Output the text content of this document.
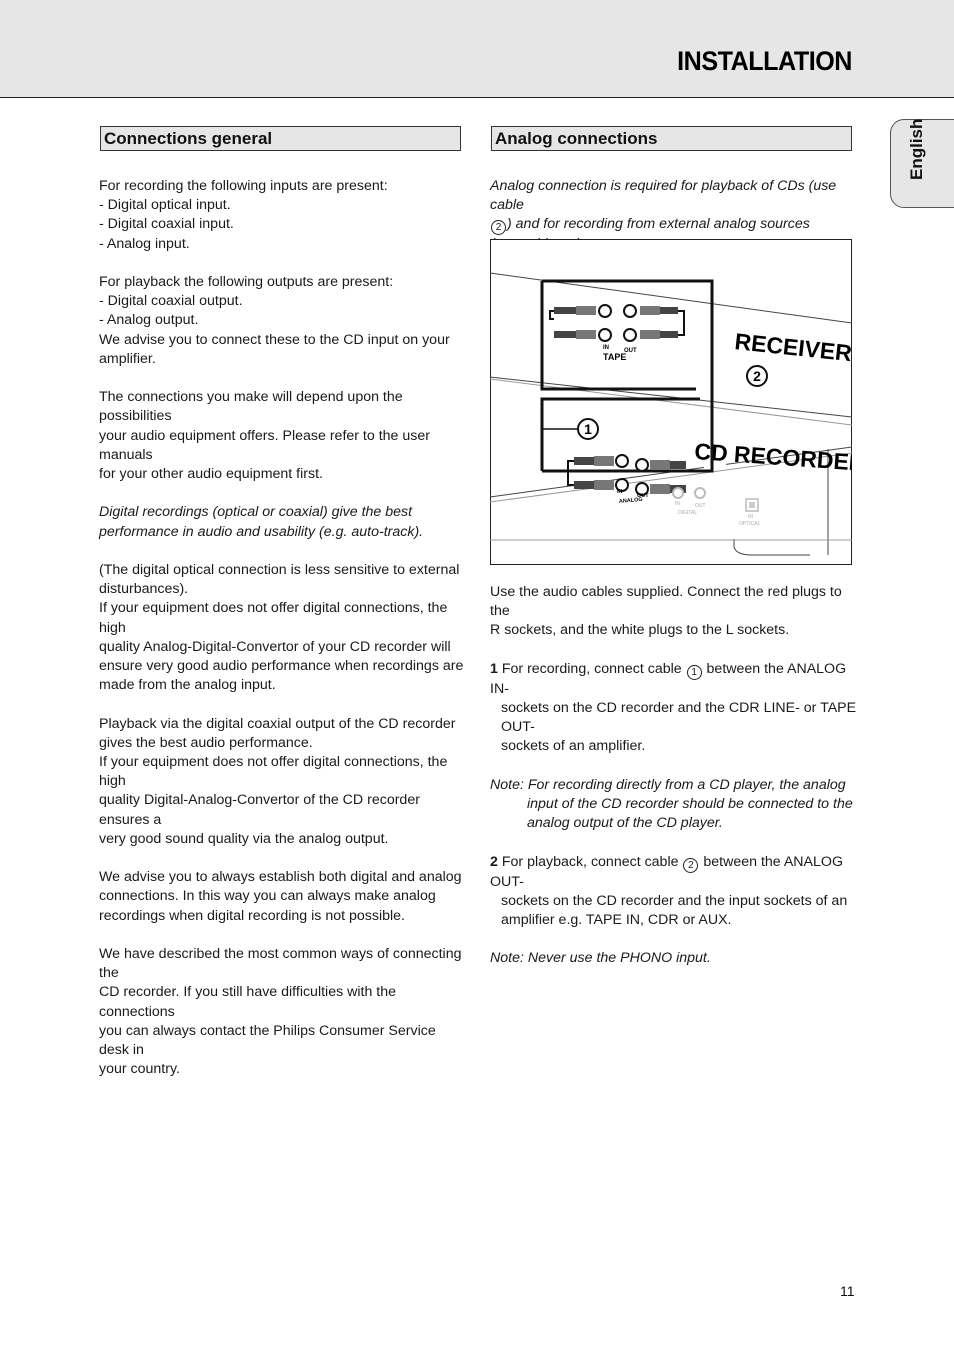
INSTALLATION
English
Connections general

For recording the following inputs are present:
- Digital optical input.
- Digital coaxial input.
- Analog input.

For playback the following outputs are present:
- Digital coaxial output.
- Analog output.
We advise you to connect these to the CD input on your
amplifier.

The connections you make will depend upon the possibilities
your audio equipment offers. Please refer to the user manuals
for your other audio equipment first.

Digital recordings (optical or coaxial) give the best
performance in audio and usability (e.g. auto-track).

(The digital optical connection is less sensitive to external
disturbances).
If your equipment does not offer digital connections, the high
quality Analog-Digital-Convertor of your CD recorder will
ensure very good audio performance when recordings are
made from the analog input.

Playback via the digital coaxial output of the CD recorder
gives the best audio performance.
If your equipment does not offer digital connections, the high
quality Digital-Analog-Convertor of the CD recorder ensures a
very good sound quality via the analog output.

We advise you to always establish both digital and analog
connections. In this way you can always make analog
recordings when digital recording is not possible.

We have described the most common ways of connecting the
CD recorder. If you still have difficulties with the connections
you can always contact the Philips Consumer Service desk in
your country.

Analog connections

Analog connection is required for playback of CDs (use cable
2 ) and for recording from external analog sources

IN	OUT
TAPE	RECEIVER
2
1
IN
OUT
ANALOG	IN	OUT
DIGITAL
IN
OPTICAL
CD RECORDER

Use the audio cables supplied. Connect the red plugs to the
R sockets, and the white plugs to the L sockets.

1 For recording, connect cable 1 between the ANALOG IN-
sockets on the CD recorder and the CDR LINE- or TAPE OUT-
sockets of an amplifier.

Note: For recording directly from a CD player, the analog
input of the CD recorder should be connected to the
analog output of the CD player.

2 For playback, connect cable 2 between the ANALOG OUT-
sockets on the CD recorder and the input sockets of an
amplifier e.g. TAPE IN, CDR or AUX.

Note: Never use the PHONO input.

11
